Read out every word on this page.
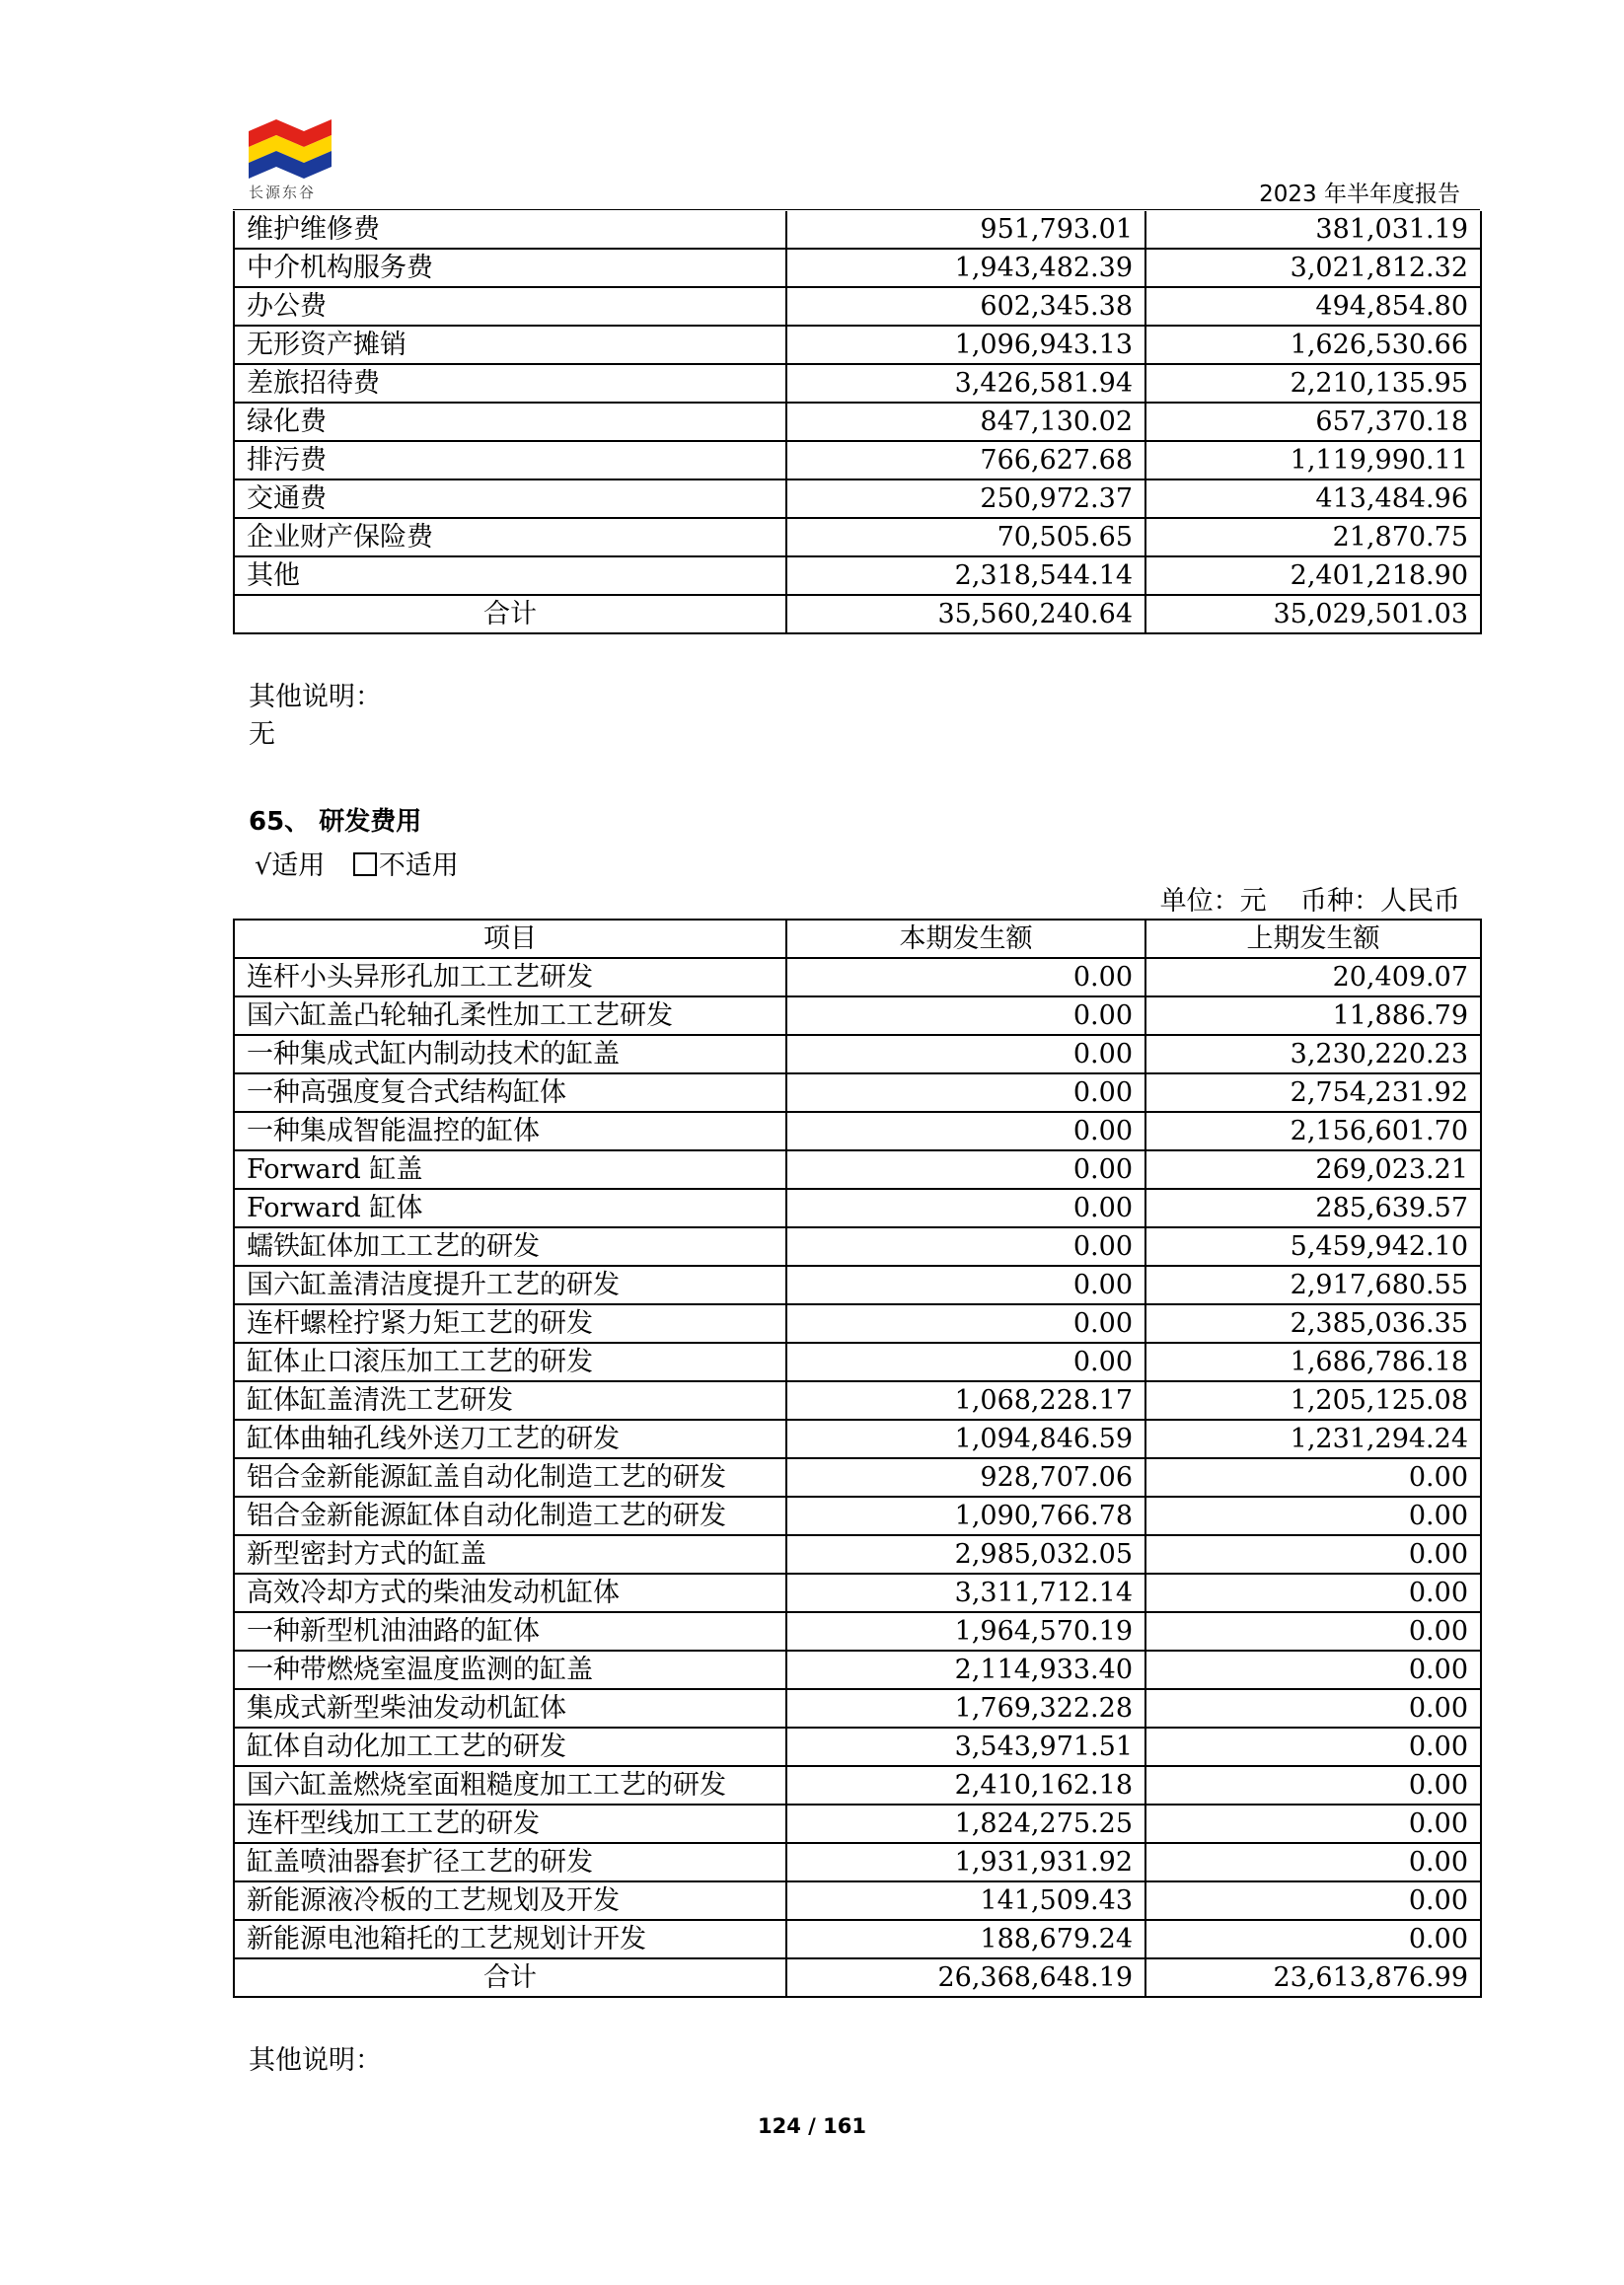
长源东谷	2023 年半年度报告
维护维修费	951,793.01	381,031.19
中介机构服务费	1,943,482.39	3,021,812.32
办公费	602,345.38	494,854.80
无形资产摊销	1,096,943.13	1,626,530.66
差旅招待费	3,426,581.94	2,210,135.95
绿化费	847,130.02	657,370.18
排污费	766,627.68	1,119,990.11
交通费	250,972.37	413,484.96
企业财产保险费	70,505.65	21,870.75
其他	2,318,544.14	2,401,218.90
合计	35,560,240.64	35,029,501.03
其他说明：
无
65、 研发费用
√适用 不适用
单位：元    币种：人民币
项目	本期发生额	上期发生额
连杆小头异形孔加工工艺研发	0.00	20,409.07
国六缸盖凸轮轴孔柔性加工工艺研发	0.00	11,886.79
一种集成式缸内制动技术的缸盖	0.00	3,230,220.23
一种高强度复合式结构缸体	0.00	2,754,231.92
一种集成智能温控的缸体	0.00	2,156,601.70
Forward 缸盖	0.00	269,023.21
Forward 缸体	0.00	285,639.57
蠕铁缸体加工工艺的研发	0.00	5,459,942.10
国六缸盖清洁度提升工艺的研发	0.00	2,917,680.55
连杆螺栓拧紧力矩工艺的研发	0.00	2,385,036.35
缸体止口滚压加工工艺的研发	0.00	1,686,786.18
缸体缸盖清洗工艺研发	1,068,228.17	1,205,125.08
缸体曲轴孔线外送刀工艺的研发	1,094,846.59	1,231,294.24
铝合金新能源缸盖自动化制造工艺的研发	928,707.06	0.00
铝合金新能源缸体自动化制造工艺的研发	1,090,766.78	0.00
新型密封方式的缸盖	2,985,032.05	0.00
高效冷却方式的柴油发动机缸体	3,311,712.14	0.00
一种新型机油油路的缸体	1,964,570.19	0.00
一种带燃烧室温度监测的缸盖	2,114,933.40	0.00
集成式新型柴油发动机缸体	1,769,322.28	0.00
缸体自动化加工工艺的研发	3,543,971.51	0.00
国六缸盖燃烧室面粗糙度加工工艺的研发	2,410,162.18	0.00
连杆型线加工工艺的研发	1,824,275.25	0.00
缸盖喷油器套扩径工艺的研发	1,931,931.92	0.00
新能源液冷板的工艺规划及开发	141,509.43	0.00
新能源电池箱托的工艺规划计开发	188,679.24	0.00
合计	26,368,648.19	23,613,876.99
其他说明：
124 / 161
